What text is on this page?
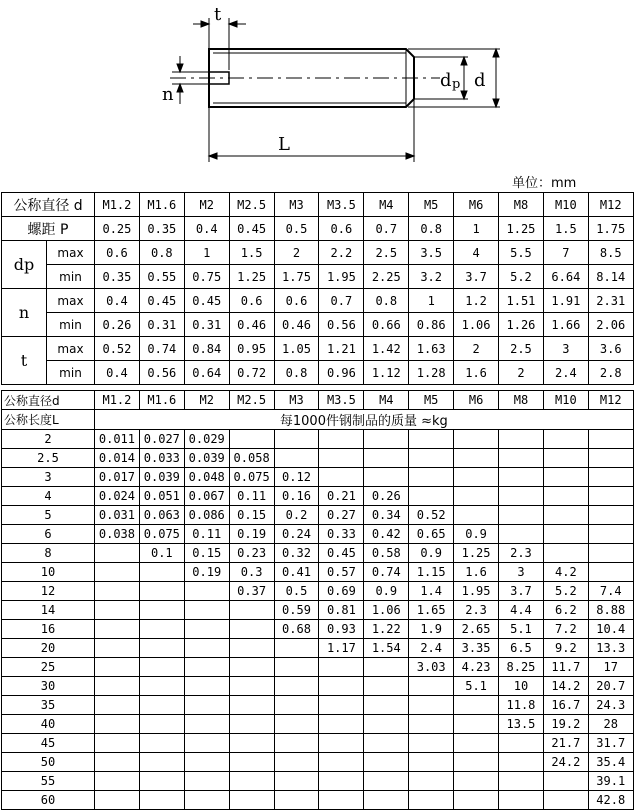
t
n
L
d p d
单位：mm
公称直径 d		M1.2	M1.6	M2	M2.5	M3	M3.5	M4	M5	M6	M8	M10	M12
螺距 P		0.25	0.35	0.4	0.45	0.5	0.6	0.7	0.8	1	1.25	1.5	1.75
dp	max	0.6	0.8	1	1.5	2	2.2	2.5	3.5	4	5.5	7	8.5
	min	0.35	0.55	0.75	1.25	1.75	1.95	2.25	3.2	3.7	5.2	6.64	8.14
n	max	0.4	0.45	0.45	0.6	0.6	0.7	0.8	1	1.2	1.51	1.91	2.31
	min	0.26	0.31	0.31	0.46	0.46	0.56	0.66	0.86	1.06	1.26	1.66	2.06
t	max	0.52	0.74	0.84	0.95	1.05	1.21	1.42	1.63	2	2.5	3	3.6
	min	0.4	0.56	0.64	0.72	0.8	0.96	1.12	1.28	1.6	2	2.4	2.8
公称直径d	M1.2	M1.6	M2	M2.5	M3	M3.5	M4	M5	M6	M8	M10	M12
公称长度L	每1000件钢制品的质量 ≈kg											
2	0.011	0.027	0.029									
2.5	0.014	0.033	0.039	0.058								
3	0.017	0.039	0.048	0.075	0.12							
4	0.024	0.051	0.067	0.11	0.16	0.21	0.26					
5	0.031	0.063	0.086	0.15	0.2	0.27	0.34	0.52				
6	0.038	0.075	0.11	0.19	0.24	0.33	0.42	0.65	0.9			
8		0.1	0.15	0.23	0.32	0.45	0.58	0.9	1.25	2.3		
10			0.19	0.3	0.41	0.57	0.74	1.15	1.6	3	4.2	
12				0.37	0.5	0.69	0.9	1.4	1.95	3.7	5.2	7.4
14					0.59	0.81	1.06	1.65	2.3	4.4	6.2	8.88
16					0.68	0.93	1.22	1.9	2.65	5.1	7.2	10.4
20						1.17	1.54	2.4	3.35	6.5	9.2	13.3
25								3.03	4.23	8.25	11.7	17
30									5.1	10	14.2	20.7
35										11.8	16.7	24.3
40										13.5	19.2	28
45											21.7	31.7
50											24.2	35.4
55												39.1
60												42.8
